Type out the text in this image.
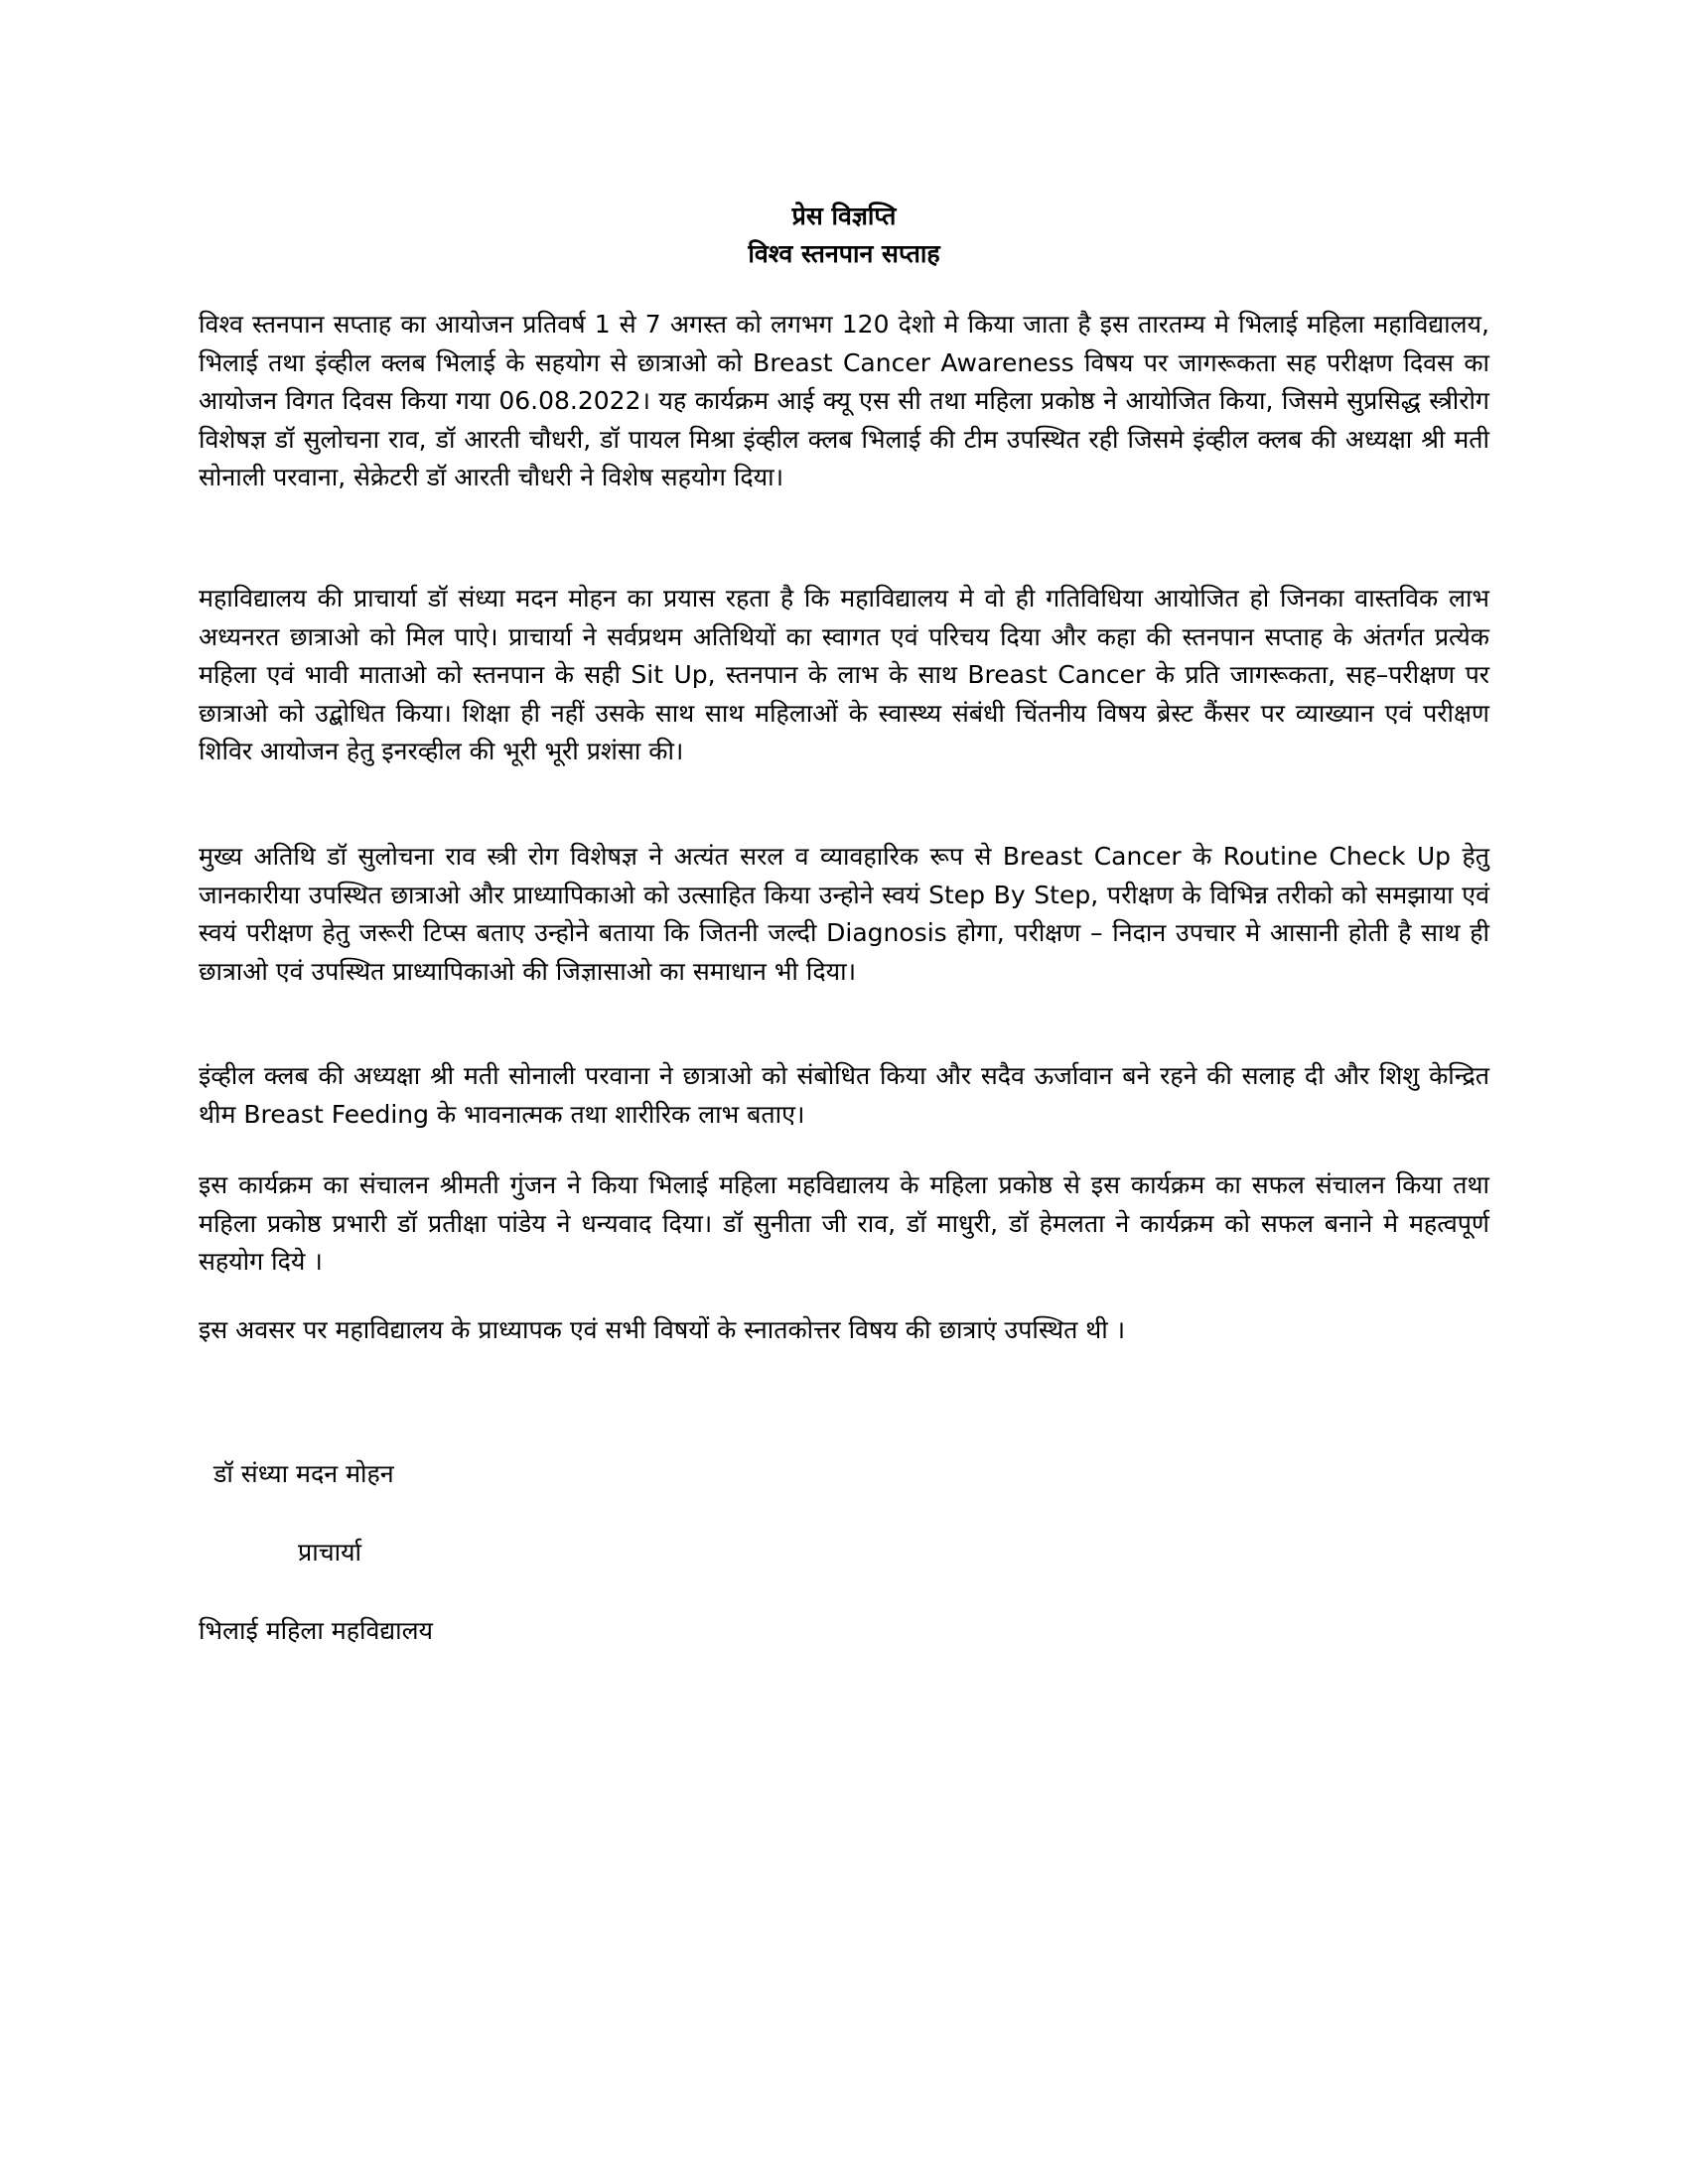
प्रेस विज्ञप्ति
विश्व स्तनपान सप्ताह

विश्व स्तनपान सप्ताह का आयोजन प्रतिवर्ष 1 से 7 अगस्त को लगभग 120 देशो मे किया जाता है इस तारतम्य मे भिलाई महिला महाविद्यालय, भिलाई तथा इंव्हील क्लब भिलाई के सहयोग से छात्राओ को Breast Cancer Awareness विषय पर जागरूकता सह परीक्षण दिवस का आयोजन विगत दिवस किया गया 06.08.2022। यह कार्यक्रम आई क्यू एस सी तथा महिला प्रकोष्ठ ने आयोजित किया, जिसमे सुप्रसिद्ध स्त्रीरोग विशेषज्ञ डॉ सुलोचना राव, डॉ आरती चौधरी, डॉ पायल मिश्रा इंव्हील क्लब भिलाई की टीम उपस्थित रही जिसमे इंव्हील क्लब की अध्यक्षा श्री मती सोनाली परवाना, सेक्रेटरी डॉ आरती चौधरी ने विशेष सहयोग दिया।

महाविद्यालय की प्राचार्या डॉ संध्या मदन मोहन का प्रयास रहता है कि महाविद्यालय मे वो ही गतिविधिया आयोजित हो जिनका वास्तविक लाभ अध्यनरत छात्राओ को मिल पाऐ। प्राचार्या ने सर्वप्रथम अतिथियों का स्वागत एवं परिचय दिया और कहा की स्तनपान सप्ताह के अंतर्गत प्रत्येक महिला एवं भावी माताओ को स्तनपान के सही Sit Up, स्तनपान के लाभ के साथ Breast Cancer के प्रति जागरूकता, सह–परीक्षण पर छात्राओ को उद्बोधित किया। शिक्षा ही नहीं उसके साथ साथ महिलाओं के स्वास्थ्य संबंधी चिंतनीय विषय ब्रेस्ट कैंसर पर व्याख्यान एवं परीक्षण शिविर आयोजन हेतु इनरव्हील की भूरी भूरी प्रशंसा की।

मुख्य अतिथि डॉ सुलोचना राव स्त्री रोग विशेषज्ञ ने अत्यंत सरल व व्यावहारिक रूप से Breast Cancer के Routine Check Up हेतु जानकारीया उपस्थित छात्राओ और प्राध्यापिकाओ को उत्साहित किया उन्होने स्वयं Step By Step, परीक्षण के विभिन्न तरीको को समझाया एवं स्वयं परीक्षण हेतु जरूरी टिप्स बताए उन्होने बताया कि जितनी जल्दी Diagnosis होगा, परीक्षण – निदान उपचार मे आसानी होती है साथ ही छात्राओ एवं उपस्थित प्राध्यापिकाओ की जिज्ञासाओ का समाधान भी दिया।

इंव्हील क्लब की अध्यक्षा श्री मती सोनाली परवाना ने छात्राओ को संबोधित किया और सदैव ऊर्जावान बने रहने की सलाह दी और शिशु केन्द्रित थीम Breast Feeding के भावनात्मक तथा शारीरिक लाभ बताए।

इस कार्यक्रम का संचालन श्रीमती गुंजन ने किया भिलाई महिला महविद्यालय के महिला प्रकोष्ठ से इस कार्यक्रम का सफल संचालन किया तथा महिला प्रकोष्ठ प्रभारी डॉ प्रतीक्षा पांडेय ने धन्यवाद दिया। डॉ सुनीता जी राव, डॉ माधुरी, डॉ हेमलता ने कार्यक्रम को सफल बनाने मे महत्वपूर्ण सहयोग दिये ।

इस अवसर पर महाविद्यालय के प्राध्यापक एवं सभी विषयों के स्नातकोत्तर विषय की छात्राएं उपस्थित थी ।

डॉ संध्या मदन मोहन

प्राचार्या

भिलाई महिला महविद्यालय
